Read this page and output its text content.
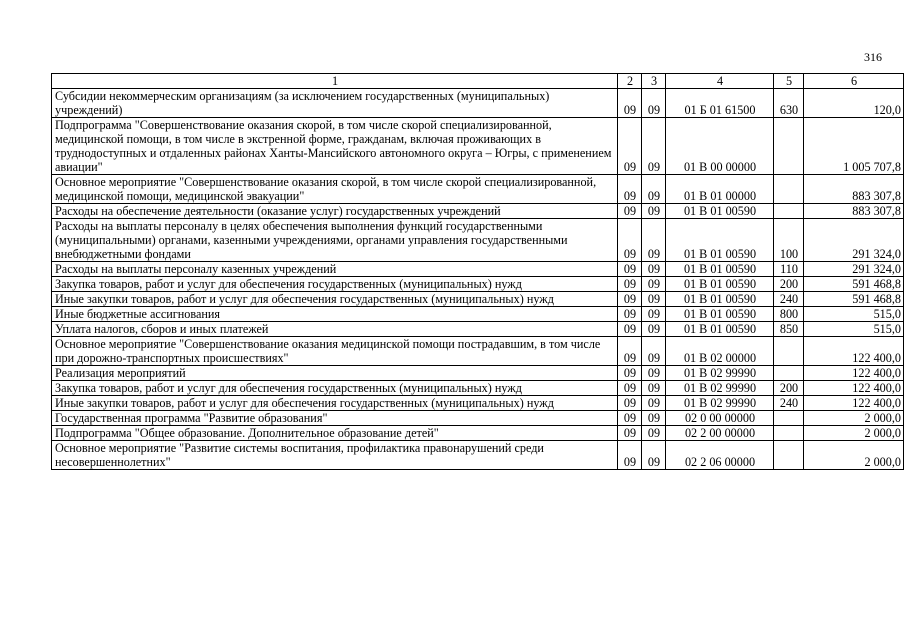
316
1	2	3	4	5	6
Субсидии некоммерческим организациям (за исключением государственных (муниципальных) учреждений)	09	09	01 Б 01 61500	630	120,0
Подпрограмма "Совершенствование оказания скорой, в том числе скорой специализированной, медицинской помощи, в том числе в экстренной форме, гражданам, включая проживающих в труднодоступных и отдаленных районах Ханты-Мансийского автономного округа – Югры, с применением авиации"	09	09	01 В 00 00000		1 005 707,8
Основное мероприятие "Совершенствование оказания скорой, в том числе скорой специализированной, медицинской помощи, медицинской эвакуации"	09	09	01 В 01 00000		883 307,8
Расходы на обеспечение деятельности (оказание услуг) государственных учреждений	09	09	01 В 01 00590		883 307,8
Расходы на выплаты персоналу в целях обеспечения выполнения функций государственными (муниципальными) органами, казенными учреждениями, органами управления государственными внебюджетными фондами	09	09	01 В 01 00590	100	291 324,0
Расходы на выплаты персоналу казенных учреждений	09	09	01 В 01 00590	110	291 324,0
Закупка товаров, работ и услуг для обеспечения государственных (муниципальных) нужд	09	09	01 В 01 00590	200	591 468,8
Иные закупки товаров, работ и услуг для обеспечения государственных (муниципальных) нужд	09	09	01 В 01 00590	240	591 468,8
Иные бюджетные ассигнования	09	09	01 В 01 00590	800	515,0
Уплата налогов, сборов и иных платежей	09	09	01 В 01 00590	850	515,0
Основное мероприятие "Совершенствование оказания медицинской помощи пострадавшим, в том числе при дорожно-транспортных происшествиях"	09	09	01 В 02 00000		122 400,0
Реализация мероприятий	09	09	01 В 02 99990		122 400,0
Закупка товаров, работ и услуг для обеспечения государственных (муниципальных) нужд	09	09	01 В 02 99990	200	122 400,0
Иные закупки товаров, работ и услуг для обеспечения государственных (муниципальных) нужд	09	09	01 В 02 99990	240	122 400,0
Государственная программа "Развитие образования"	09	09	02 0 00 00000		2 000,0
Подпрограмма "Общее образование. Дополнительное образование детей"	09	09	02 2 00 00000		2 000,0
Основное мероприятие "Развитие системы воспитания, профилактика правонарушений среди несовершеннолетних"	09	09	02 2 06 00000		2 000,0
